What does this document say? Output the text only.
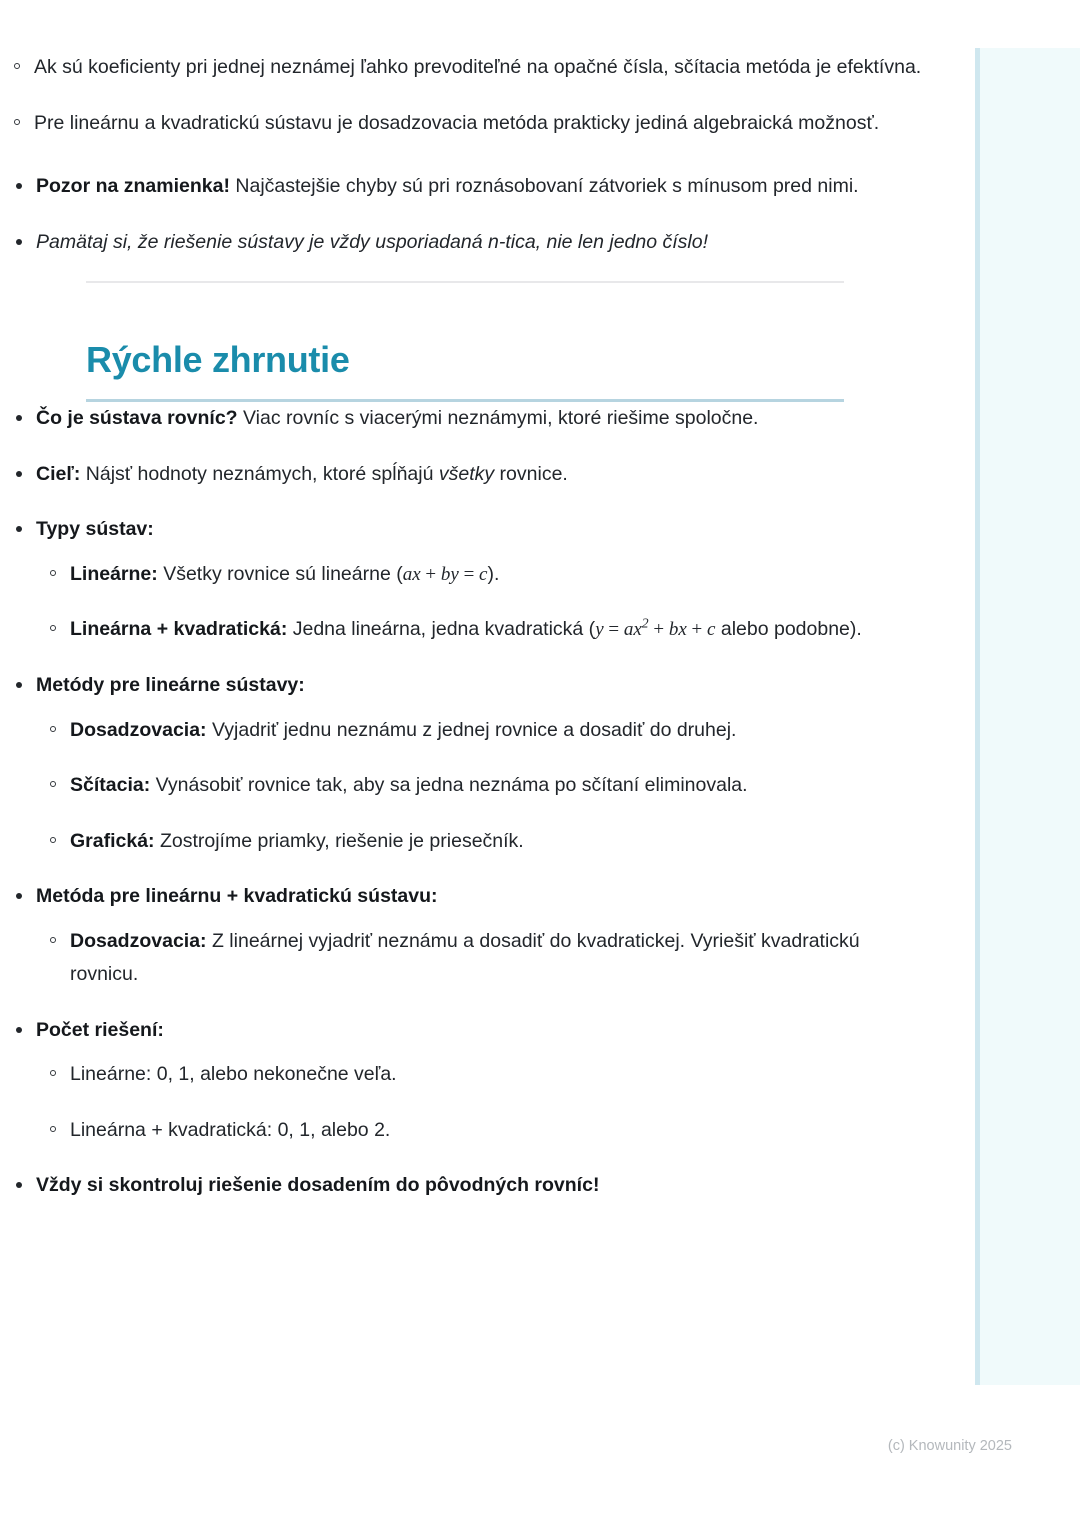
Ak sú koeficienty pri jednej neznámej ľahko prevoditeľné na opačné čísla, sčítacia metóda je efektívna.
Pre lineárnu a kvadratickú sústavu je dosadzovacia metóda prakticky jediná algebraická možnosť.
Pozor na znamienka! Najčastejšie chyby sú pri roznásobovaní zátvoriek s mínusom pred nimi.
Pamätaj si, že riešenie sústavy je vždy usporiadaná n-tica, nie len jedno číslo!
Rýchle zhrnutie
Čo je sústava rovníc? Viac rovníc s viacerými neznámymi, ktoré riešime spoločne.
Cieľ: Nájsť hodnoty neznámych, ktoré spĺňajú všetky rovnice.
Typy sústav:
Lineárne: Všetky rovnice sú lineárne (ax + by = c).
Lineárna + kvadratická: Jedna lineárna, jedna kvadratická ($y = ax^2$ + bx + c alebo podobne).
Metódy pre lineárne sústavy:
Dosadzovacia: Vyjadriť jednu neznámu z jednej rovnice a dosadiť do druhej.
Sčítacia: Vynásobiť rovnice tak, aby sa jedna neznáma po sčítaní eliminovala.
Grafická: Zostrojíme priamky, riešenie je priesečník.
Metóda pre lineárnu + kvadratickú sústavu:
Dosadzovacia: Z lineárnej vyjadriť neznámu a dosadiť do kvadratickej. Vyriešiť kvadratickú rovnicu.
Počet riešení:
Lineárne: 0, 1, alebo nekonečne veľa.
Lineárna + kvadratická: 0, 1, alebo 2.
Vždy si skontroluj riešenie dosadením do pôvodných rovníc!
(c) Knowunity 2025
